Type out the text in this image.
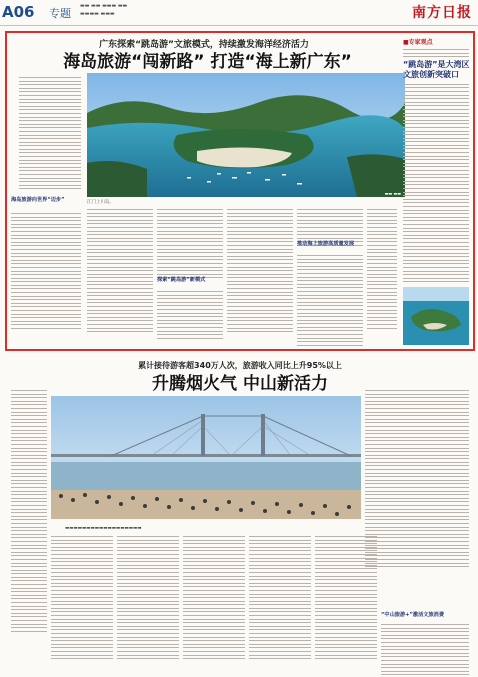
A06 专题
▬▬ ▬▬ ▬▬▬ ▬▬
▬▬▬▬ ▬▬▬	南方日报
广东探索“跳岛游”文旅模式，持续激发海洋经济活力
海岛旅游“闯新路” 打造“海上新广东”
▬▬ ▬▬
江门上川岛。
海岛旅游向世界“迈步”
探索“跳岛游”新模式
推动海上旅游高质量发展
■专家观点
“跳岛游”是大湾区文旅创新突破口
累计接待游客超340万人次，旅游收入同比上升95%以上
升腾烟火气 中山新活力
▬▬▬▬▬▬▬▬▬▬▬▬▬▬▬▬▬▬
“中山旅游+”激活文旅消费
